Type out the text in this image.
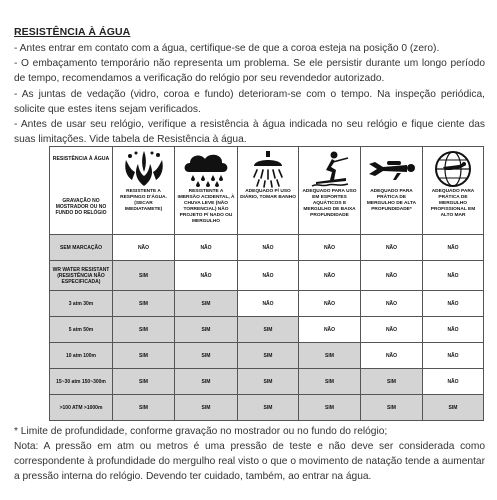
RESISTÊNCIA À ÁGUA
- Antes entrar em contato com a água, certifique-se de que a coroa esteja na posição 0 (zero).
- O embaçamento temporário não representa um problema. Se ele persistir durante um longo período de tempo, recomendamos a verificação do relógio por seu revendedor autorizado.
- As juntas de vedação (vidro, coroa e fundo) deterioram-se com o tempo. Na inspeção periódica, solicite que estes itens sejam verificados.
- Antes de usar seu relógio, verifique a resistência à água indicada no seu relógio e fique ciente das suas limitações. Vide tabela de Resistência à água.
RESISTÊNCIA À ÁGUA
GRAVAÇÃO NO MOSTRADOR OU NO FUNDO DO RELÓGIO	RESISTENTE A RESPINGO D'ÁGUA. (SECAR IMEDIATAMETE)	RESISTENTE A IMERSÃO ACIDENTAL, À CHUVA LEVE (NÃO TORRENCIAL) NÃO PROJETO P/ NADO OU MERGULHO	ADEQUADO P/ USO DIÁRIO, TOMAR BANHO	ADEQUADO PARA USO EM ESPORTES AQUÁTICOS E MERGULHO DE BAIXA PROFUNDIDADE	ADEQUADO PARA PRÁTICA DE MERGULHO DE ALTA PROFUNDIDADE*	ADEQUADO PARA PRÁTICA DE MERGULHO PROFISSIONAL EM ALTO MAR

SEM MARCAÇÃO	NÃO	NÃO	NÃO	NÃO	NÃO	NÃO
WR WATER RESISTANT (RESISTÊNCIA NÃO ESPECIFICADA)	SIM	NÃO	NÃO	NÃO	NÃO	NÃO
3 atm 30m	SIM	SIM	NÃO	NÃO	NÃO	NÃO
5 atm 50m	SIM	SIM	SIM	NÃO	NÃO	NÃO
10 atm 100m	SIM	SIM	SIM	SIM	NÃO	NÃO
15~30 atm 150~300m	SIM	SIM	SIM	SIM	SIM	NÃO
>100 ATM >1000m	SIM	SIM	SIM	SIM	SIM	SIM
* Limite de profundidade, conforme gravação no mostrador ou no fundo do relógio;
Nota: A pressão em atm ou metros é uma pressão de teste e não deve ser considerada como correspondente à profundidade do mergulho real visto o que o movimento de natação tende a aumentar a pressão interna do relógio. Devendo ter cuidado, também, ao entrar na água.
